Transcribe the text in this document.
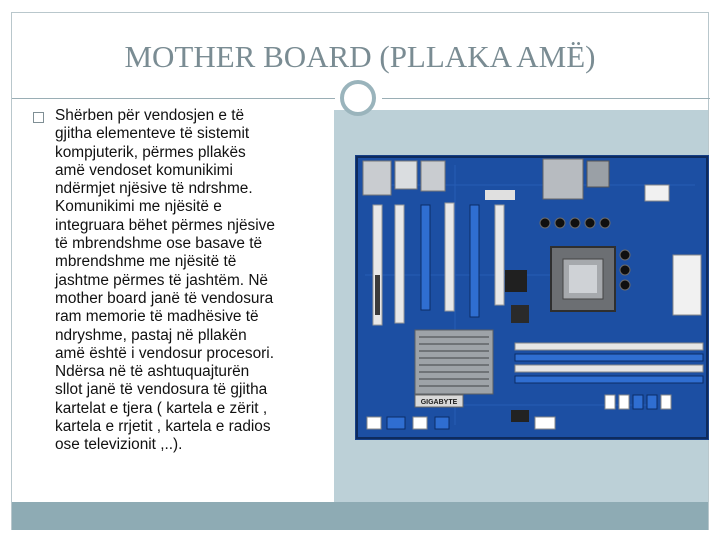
MOTHER BOARD (PLLAKA AMË)
Shërben për vendosjen e të
gjitha elementeve të sistemit
kompjuterik, përmes pllakës
amë vendoset komunikimi
ndërmjet njësive të ndrshme.
Komunikimi me njësitë e
integruara bëhet përmes njësive
të mbrendshme ose basave të
mbrendshme me njësitë të
jashtme përmes të jashtëm. Në
mother board janë të vendosura
ram memorie të madhësive të
ndryshme, pastaj në pllakën
amë është i vendosur procesori.
Ndërsa në të ashtuquajturën
sllot janë të vendosura të gjitha
kartelat e tjera ( kartela e zërit ,
kartela e rrjetit , kartela e radios
ose televizionit ,..).
GIGABYTE
